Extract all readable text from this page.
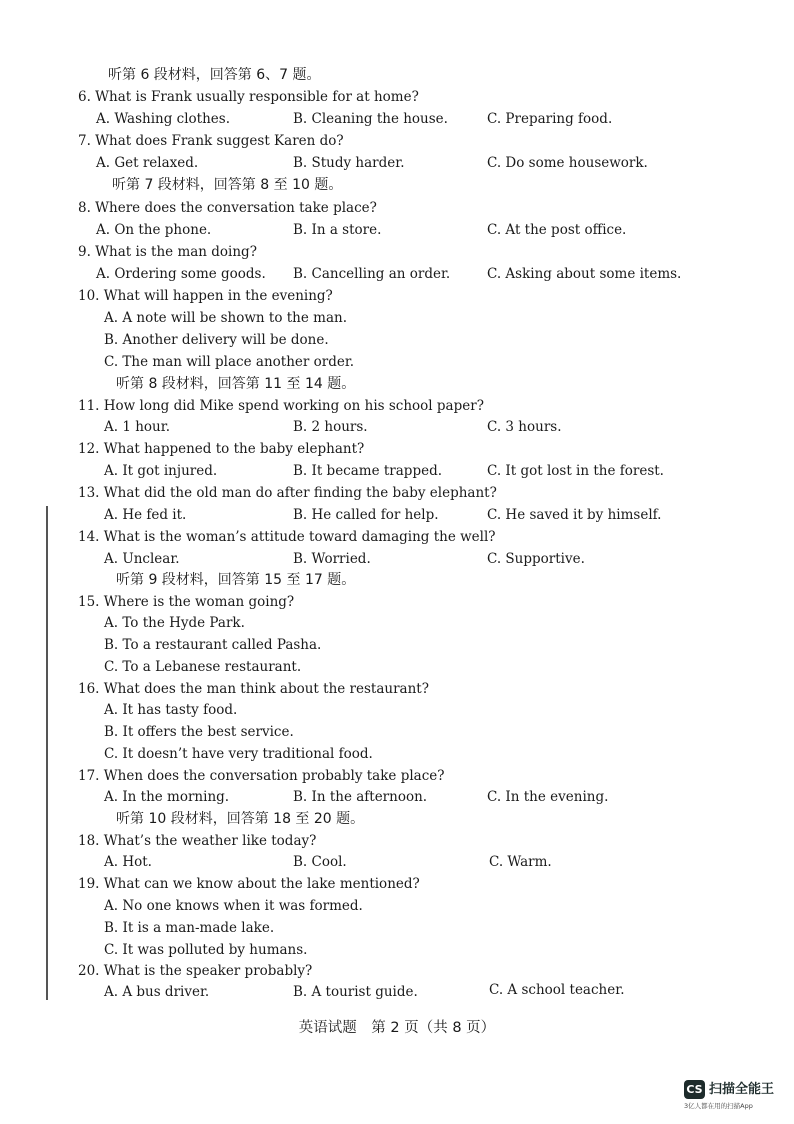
听第 6 段材料，回答第 6、7 题。
6. What is Frank usually responsible for at home?
A. Washing clothes.	B. Cleaning the house.	C. Preparing food.
7. What does Frank suggest Karen do?
A. Get relaxed.	B. Study harder.	C. Do some housework.
听第 7 段材料，回答第 8 至 10 题。
8. Where does the conversation take place?
A. On the phone.	B. In a store.	C. At the post office.
9. What is the man doing?
A. Ordering some goods. B. Cancelling an order.	C. Asking about some items.
10. What will happen in the evening?
A. A note will be shown to the man.
B. Another delivery will be done.
C. The man will place another order.
听第 8 段材料，回答第 11 至 14 题。
11. How long did Mike spend working on his school paper?
A. 1 hour.	B. 2 hours.	C. 3 hours.
12. What happened to the baby elephant?
A. It got injured.	B. It became trapped.	C. It got lost in the forest.
13. What did the old man do after finding the baby elephant?
A. He fed it.	B. He called for help.	C. He saved it by himself.
14. What is the woman’s attitude toward damaging the well?
A. Unclear.	B. Worried.	C. Supportive.
听第 9 段材料，回答第 15 至 17 题。
15. Where is the woman going?
A. To the Hyde Park.
B. To a restaurant called Pasha.
C. To a Lebanese restaurant.
16. What does the man think about the restaurant?
A. It has tasty food.
B. It offers the best service.
C. It doesn’t have very traditional food.
17. When does the conversation probably take place?
A. In the morning.	B. In the afternoon.	C. In the evening.
听第 10 段材料，回答第 18 至 20 题。
18. What’s the weather like today?
A. Hot.	B. Cool.	C. Warm.
19. What can we know about the lake mentioned?
A. No one knows when it was formed.
B. It is a man-made lake.
C. It was polluted by humans.
20. What is the speaker probably?
A. A bus driver.	B. A tourist guide.	C. A school teacher.
英语试题　第 2 页（共 8 页）
CS 扫描全能王
3亿人都在用的扫描App
